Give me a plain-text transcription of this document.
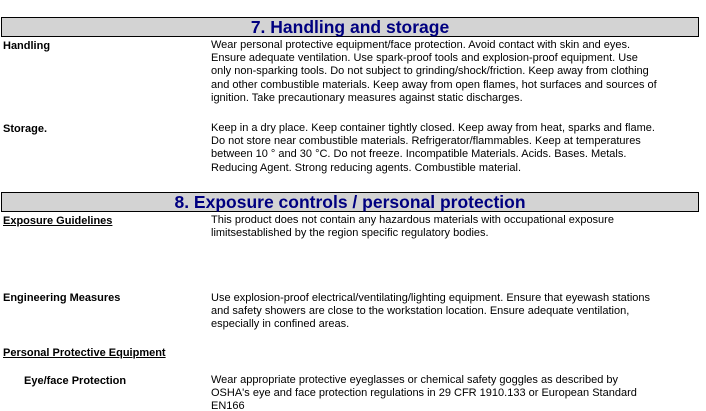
7. Handling and storage
Handling	Wear personal protective equipment/face protection. Avoid contact with skin and eyes.
Ensure adequate ventilation. Use spark-proof tools and explosion-proof equipment. Use
only non-sparking tools. Do not subject to grinding/shock/friction. Keep away from clothing
and other combustible materials. Keep away from open flames, hot surfaces and sources of
ignition. Take precautionary measures against static discharges.
Storage.	Keep in a dry place. Keep container tightly closed. Keep away from heat, sparks and flame.
Do not store near combustible materials. Refrigerator/flammables. Keep at temperatures
between 10 ° and 30 °C. Do not freeze. Incompatible Materials. Acids. Bases. Metals.
Reducing Agent. Strong reducing agents. Combustible material.
8. Exposure controls / personal protection
Exposure Guidelines	This product does not contain any hazardous materials with occupational exposure
limitsestablished by the region specific regulatory bodies.
Engineering Measures	Use explosion-proof electrical/ventilating/lighting equipment. Ensure that eyewash stations
and safety showers are close to the workstation location. Ensure adequate ventilation,
especially in confined areas.
Personal Protective Equipment
Eye/face Protection	Wear appropriate protective eyeglasses or chemical safety goggles as described by
OSHA's eye and face protection regulations in 29 CFR 1910.133 or European Standard
EN166
